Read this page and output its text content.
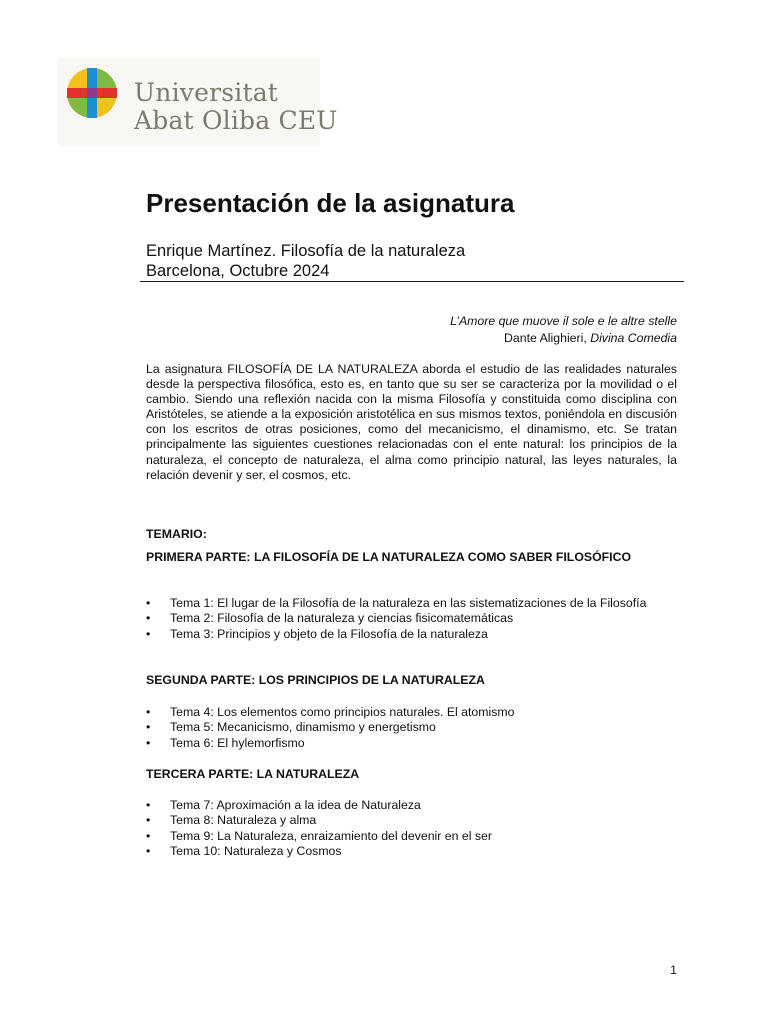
Universitat
Abat Oliba CEU
Presentación de la asignatura
Enrique Martínez. Filosofía de la naturaleza
Barcelona, Octubre 2024
L’Amore que muove il sole e le altre stelle
Dante Alighieri, Divina Comedia

La asignatura FILOSOFÍA DE LA NATURALEZA aborda el estudio de las realidades naturales desde la perspectiva filosófica, esto es, en tanto que su ser se caracteriza por la movilidad o el cambio. Siendo una reflexión nacida con la misma Filosofía y constituida como disciplina con Aristóteles, se atiende a la exposición aristotélica en sus mismos textos, poniéndola en discusión con los escritos de otras posiciones, como del mecanicismo, el dinamismo, etc. Se tratan principalmente las siguientes cuestiones relacionadas con el ente natural: los principios de la naturaleza, el concepto de naturaleza, el alma como principio natural, las leyes naturales, la relación devenir y ser, el cosmos, etc.

TEMARIO:
PRIMERA PARTE: LA FILOSOFÍA DE LA NATURALEZA COMO SABER FILOSÓFICO
•	Tema 1: El lugar de la Filosofía de la naturaleza en las sistematizaciones de la Filosofía
•	Tema 2: Filosofía de la naturaleza y ciencias fisicomatemáticas
•	Tema 3: Principios y objeto de la Filosofía de la naturaleza
SEGUNDA PARTE: LOS PRINCIPIOS DE LA NATURALEZA
•	Tema 4: Los elementos como principios naturales. El atomismo
•	Tema 5: Mecanicismo, dinamismo y energetismo
•	Tema 6: El hylemorfismo
TERCERA PARTE: LA NATURALEZA
•	Tema 7: Aproximación a la idea de Naturaleza
•	Tema 8: Naturaleza y alma
•	Tema 9: La Naturaleza, enraizamiento del devenir en el ser
•	Tema 10: Naturaleza y Cosmos
1
